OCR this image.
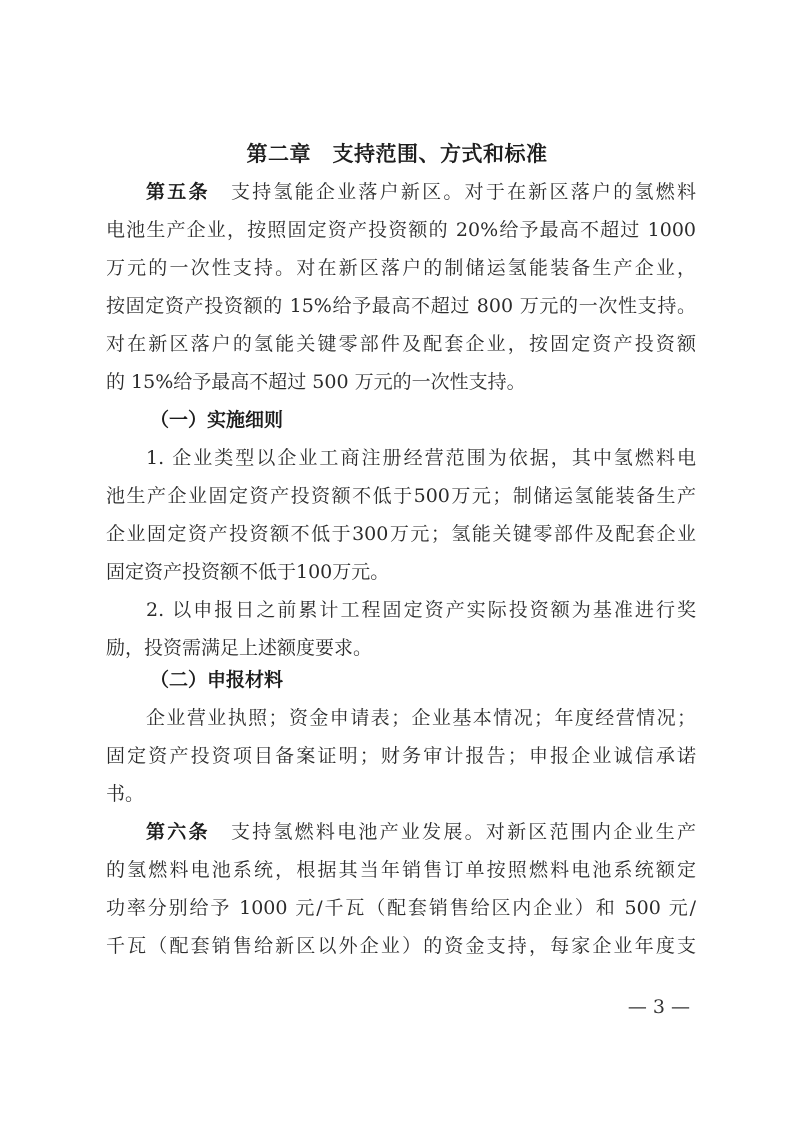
第二章　支持范围、方式和标准
第五条　 支持氢能企业落户新区。对于在新区落户的氢燃料
电池生产企业，按照固定资产投资额的 20%给予最高不超过 1000
万元的一次性支持。对在新区落户的制储运氢能装备生产企业，
按固定资产投资额的 15%给予最高不超过 800 万元的一次性支持。
对在新区落户的氢能关键零部件及配套企业，按固定资产投资额
的 15%给予最高不超过 500 万元的一次性支持。
（一）实施细则
1. 企业类型以企业工商注册经营范围为依据，其中氢燃料电
池生产企业固定资产投资额不低于500万元；制储运氢能装备生产
企业固定资产投资额不低于300万元；氢能关键零部件及配套企业
固定资产投资额不低于100万元。
2. 以申报日之前累计工程固定资产实际投资额为基准进行奖
励，投资需满足上述额度要求。
（二）申报材料
企业营业执照；资金申请表；企业基本情况；年度经营情况；
固定资产投资项目备案证明；财务审计报告；申报企业诚信承诺
书。
第六条　 支持氢燃料电池产业发展。对新区范围内企业生产
的氢燃料电池系统，根据其当年销售订单按照燃料电池系统额定
功率分别给予 1000 元/千瓦（配套销售给区内企业）和 500 元/
千瓦（配套销售给新区以外企业）的资金支持，每家企业年度支
— 3 —
